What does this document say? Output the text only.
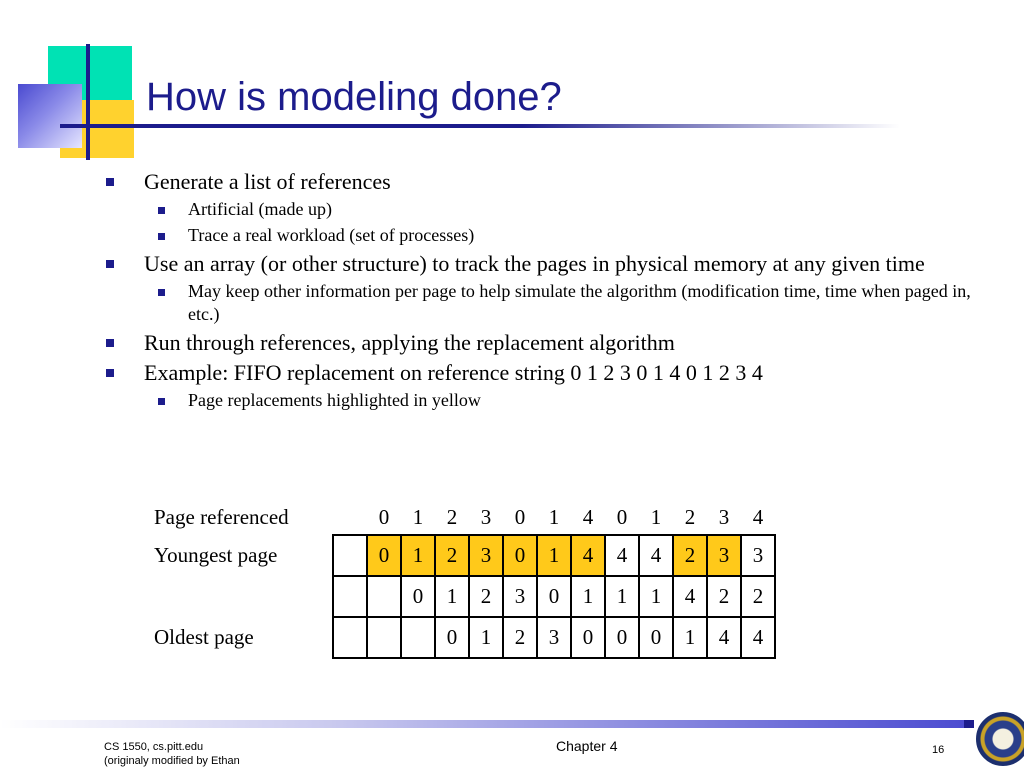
How is modeling done?
Generate a list of references
Artificial (made up)
Trace a real workload (set of processes)
Use an array (or other structure) to track the pages in physical memory at any given time
May keep other information per page to help simulate the algorithm (modification time, time when paged in, etc.)
Run through references, applying the replacement algorithm
Example: FIFO replacement on reference string 0 1 2 3 0 1 4 0 1 2 3 4
Page replacements highlighted in yellow
Page referenced		0	1	2	3	0	1	4	0	1	2	3	4
Youngest page		0	1	2	3	0	1	4	4	4	2	3	3
			0	1	2	3	0	1	1	1	4	2	2
Oldest page				0	1	2	3	0	0	0	1	4	4
CS 1550, cs.pitt.edu
(originaly modified by Ethan
Chapter 4	16
